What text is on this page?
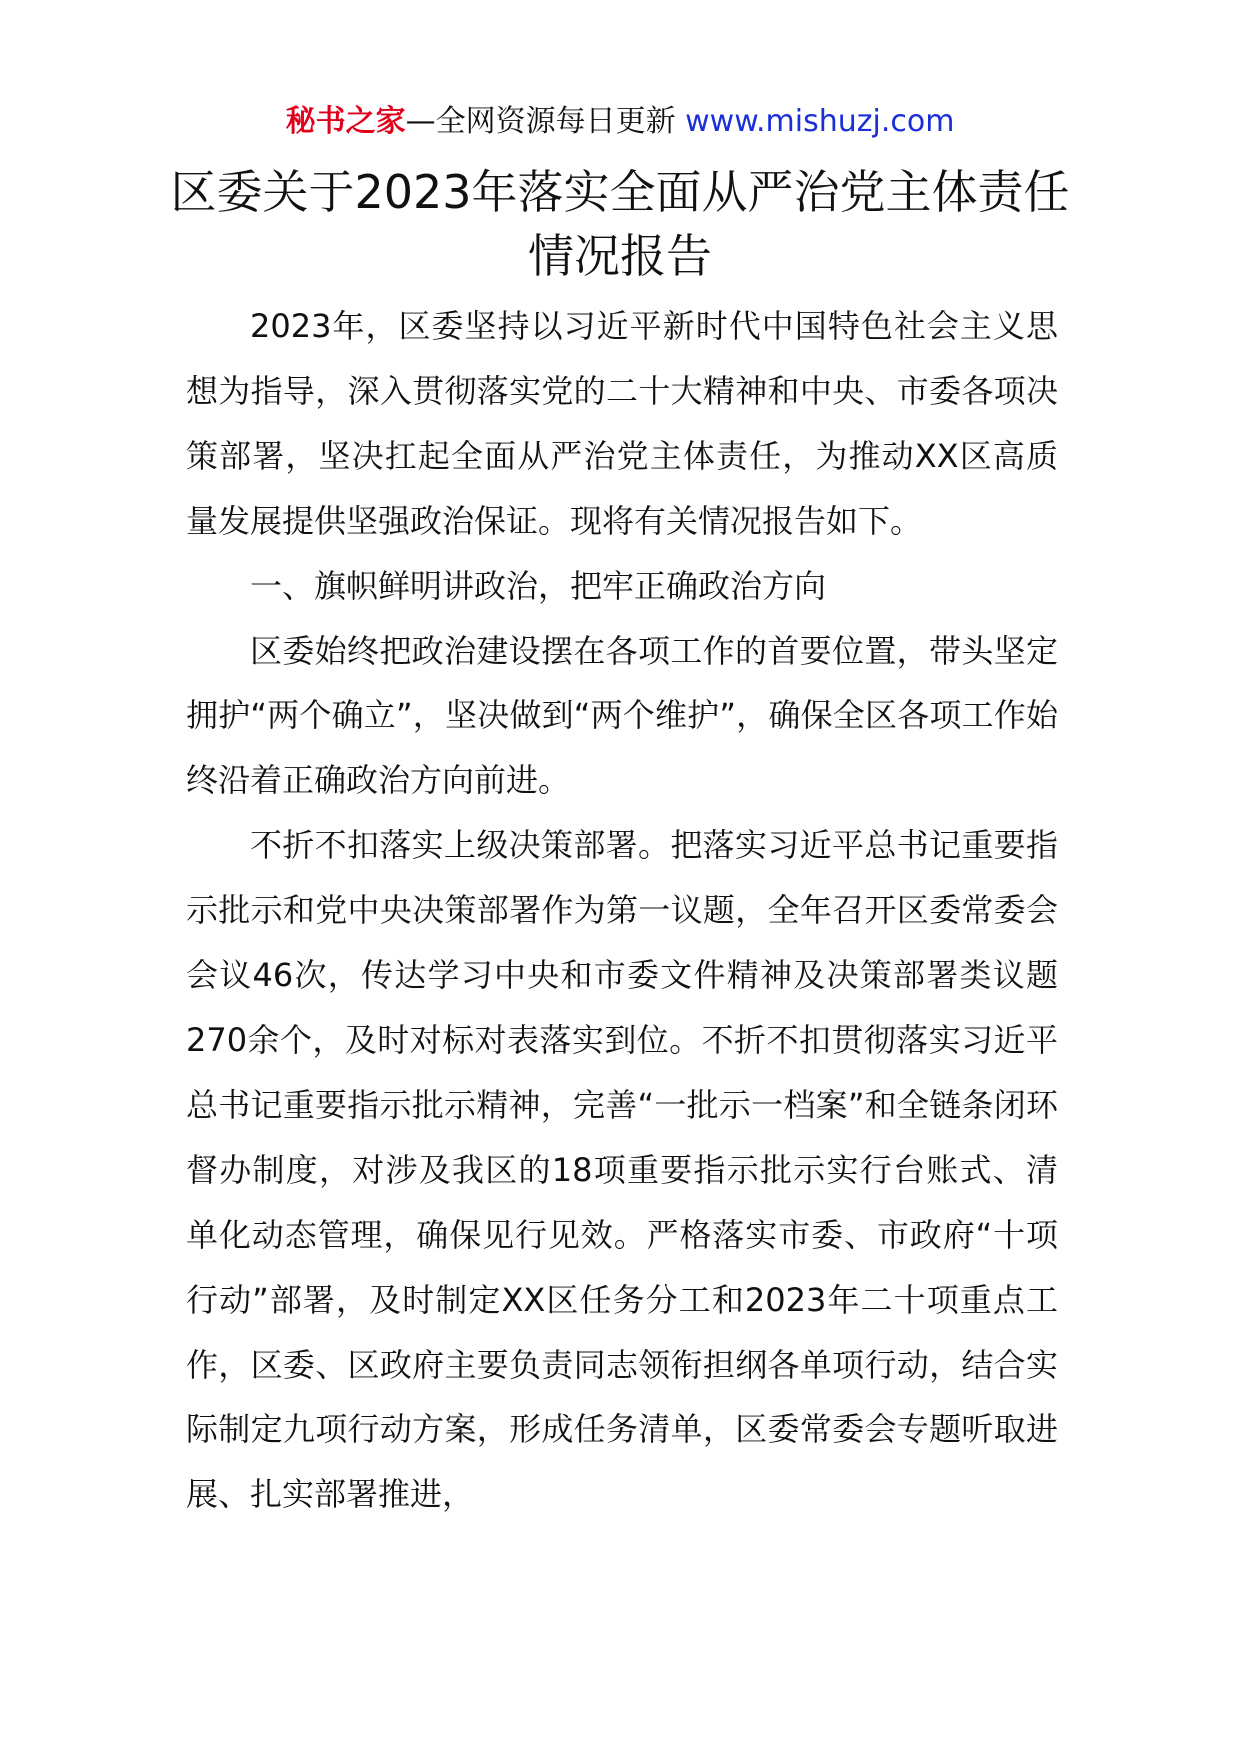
秘书之家—全网资源每日更新 www.mishuzj.com
区委关于2023年落实全面从严治党主体责任情况报告

2023年，区委坚持以习近平新时代中国特色社会主义思想为指导，深入贯彻落实党的二十大精神和中央、市委各项决策部署，坚决扛起全面从严治党主体责任，为推动XX区高质量发展提供坚强政治保证。现将有关情况报告如下。

一、旗帜鲜明讲政治，把牢正确政治方向

区委始终把政治建设摆在各项工作的首要位置，带头坚定拥护“两个确立”，坚决做到“两个维护”，确保全区各项工作始终沿着正确政治方向前进。

不折不扣落实上级决策部署。把落实习近平总书记重要指示批示和党中央决策部署作为第一议题，全年召开区委常委会会议46次，传达学习中央和市委文件精神及决策部署类议题270余个，及时对标对表落实到位。不折不扣贯彻落实习近平总书记重要指示批示精神，完善“一批示一档案”和全链条闭环督办制度，对涉及我区的18项重要指示批示实行台账式、清单化动态管理，确保见行见效。严格落实市委、市政府“十项行动”部署，及时制定XX区任务分工和2023年二十项重点工作，区委、区政府主要负责同志领衔担纲各单项行动，结合实际制定九项行动方案，形成任务清单，区委常委会专题听取进展、扎实部署推进，
